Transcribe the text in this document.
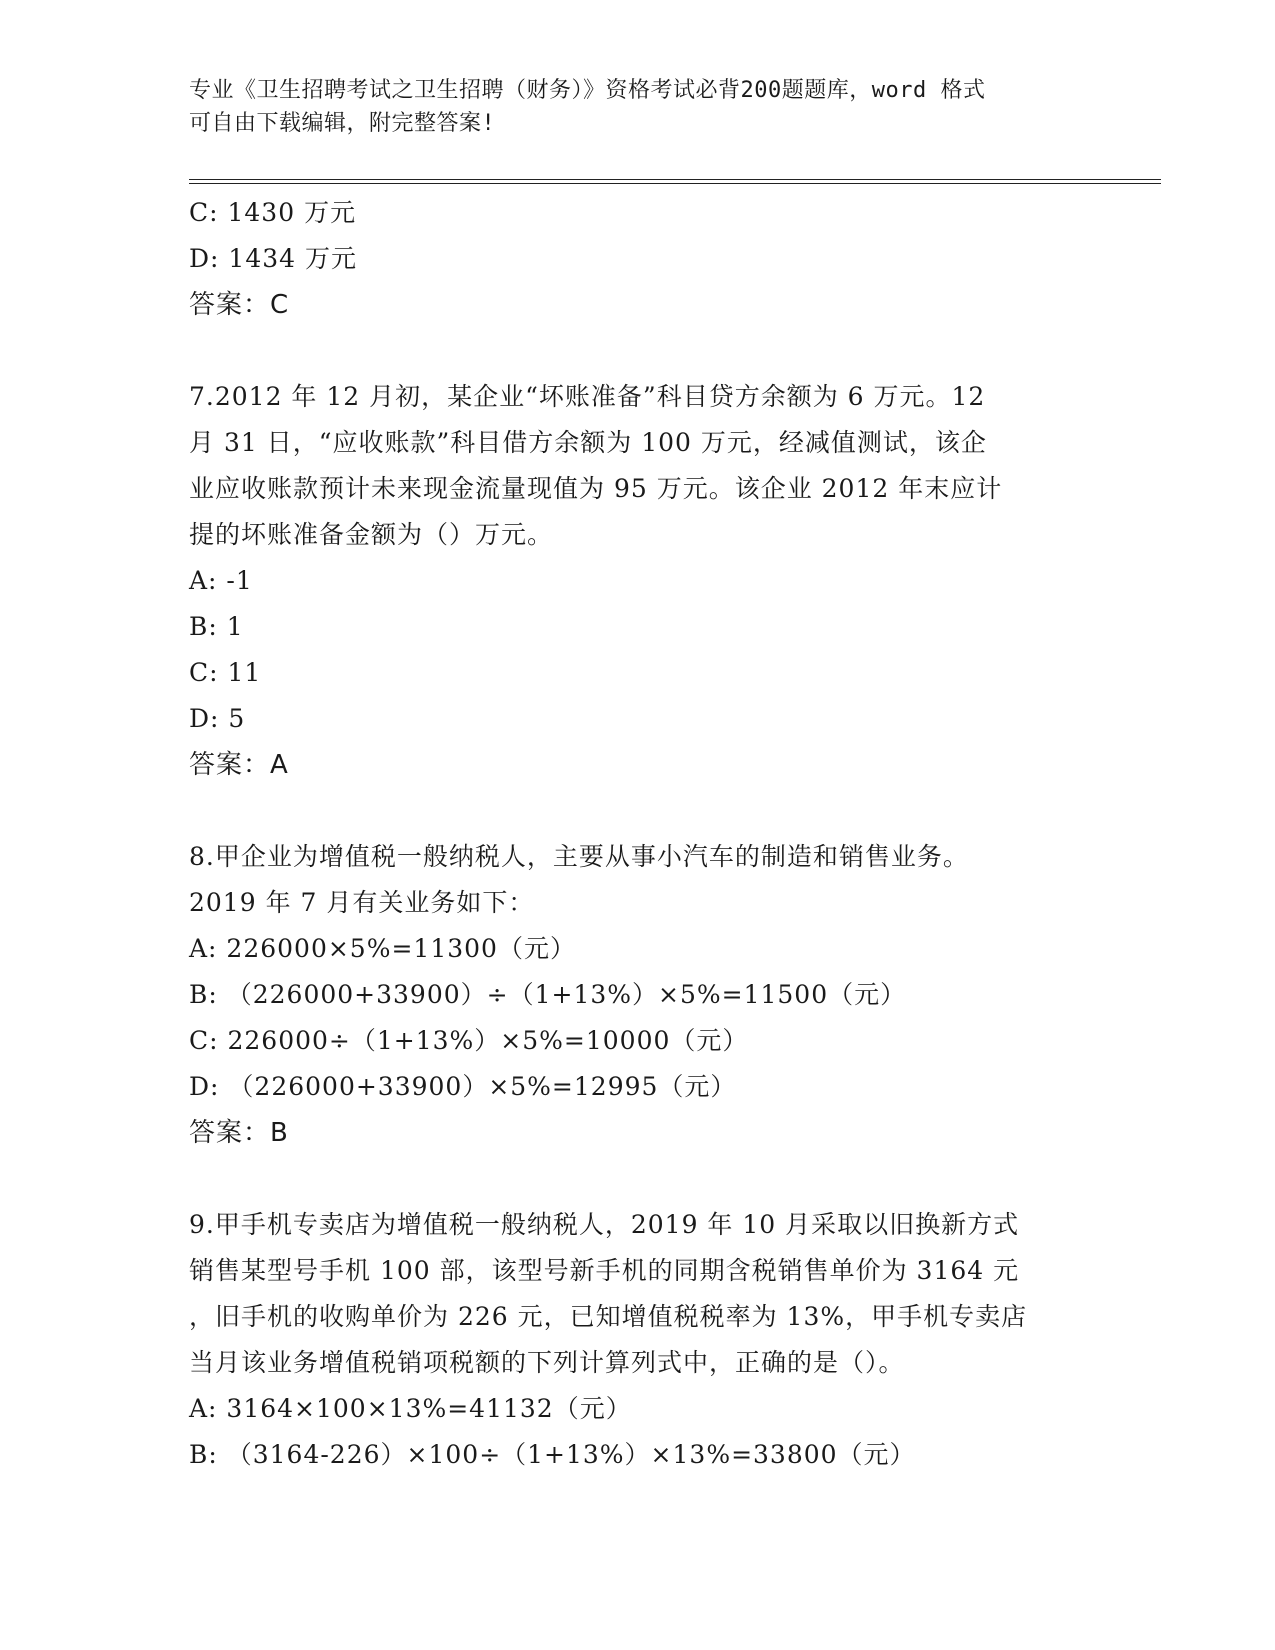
专业《卫生招聘考试之卫生招聘（财务）》资格考试必背200题题库，word 格式
可自由下载编辑，附完整答案!
C: 1430 万元
D: 1434 万元
答案：C
7.2012 年 12 月初，某企业“坏账准备”科目贷方余额为 6 万元。12
月 31 日，“应收账款”科目借方余额为 100 万元，经减值测试，该企
业应收账款预计未来现金流量现值为 95 万元。该企业 2012 年末应计
提的坏账准备金额为（）万元。
A: -1
B: 1
C: 11
D: 5
答案：A
8.甲企业为增值税一般纳税人，主要从事小汽车的制造和销售业务。
2019 年 7 月有关业务如下：
A: 226000×5%=11300（元）
B: （226000+33900）÷（1+13%）×5%=11500（元）
C: 226000÷（1+13%）×5%=10000（元）
D: （226000+33900）×5%=12995（元）
答案：B
9.甲手机专卖店为增值税一般纳税人，2019 年 10 月采取以旧换新方式
销售某型号手机 100 部，该型号新手机的同期含税销售单价为 3164 元
，旧手机的收购单价为 226 元，已知增值税税率为 13%，甲手机专卖店
当月该业务增值税销项税额的下列计算列式中，正确的是（）。
A: 3164×100×13%=41132（元）
B: （3164-226）×100÷（1+13%）×13%=33800（元）
